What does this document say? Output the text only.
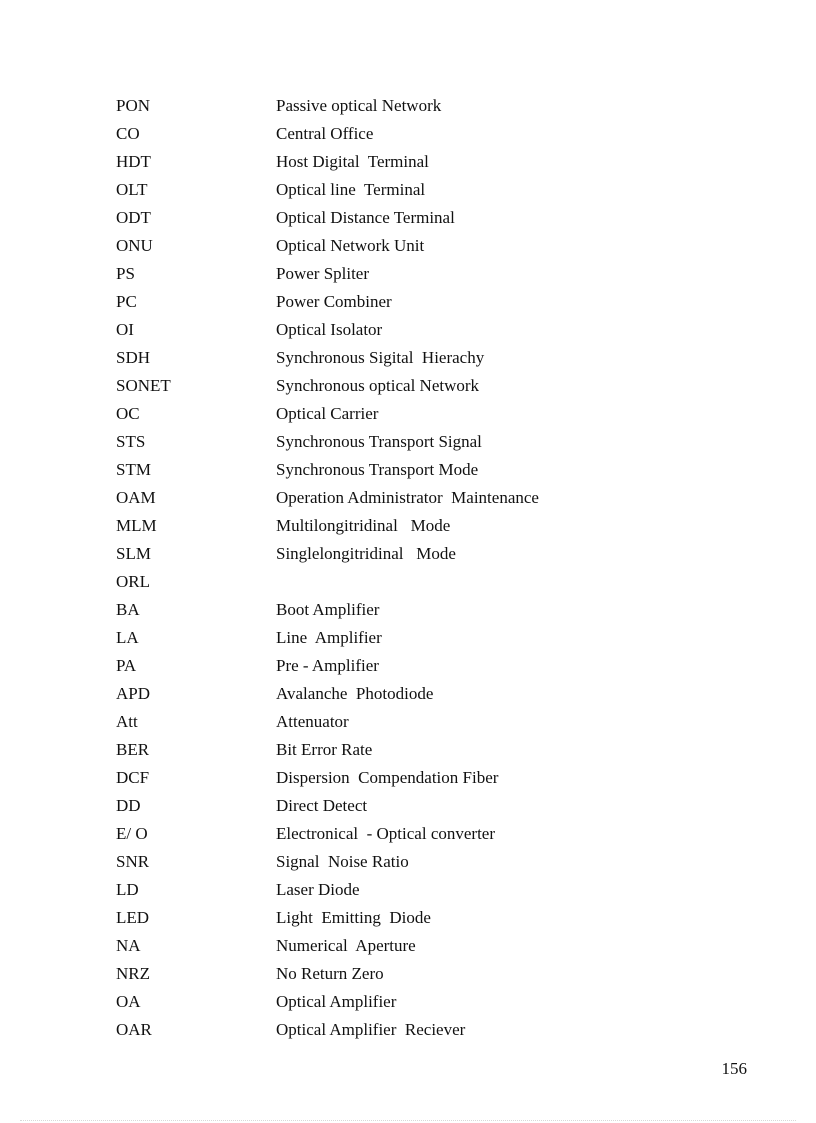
PON	Passive optical Network
CO	Central Office
HDT	Host Digital  Terminal
OLT	Optical line  Terminal
ODT	Optical Distance Terminal
ONU	Optical Network Unit
PS	Power Spliter
PC	Power Combiner
OI	Optical Isolator
SDH	Synchronous Sigital  Hierachy
SONET	Synchronous optical Network
OC	Optical Carrier
STS	Synchronous Transport Signal
STM	Synchronous Transport Mode
OAM	Operation Administrator  Maintenance
MLM	Multilongitridinal   Mode
SLM	Singlelongitridinal   Mode
ORL
BA	Boot Amplifier
LA	Line  Amplifier
PA	Pre - Amplifier
APD	Avalanche  Photodiode
Att	Attenuator
BER	Bit Error Rate
DCF	Dispersion  Compendation Fiber
DD	Direct Detect
E/ O	Electronical  - Optical converter
SNR	Signal  Noise Ratio
LD	Laser Diode
LED	Light  Emitting  Diode
NA	Numerical  Aperture
NRZ	No Return Zero
OA	Optical Amplifier
OAR	Optical Amplifier  Reciever
156
